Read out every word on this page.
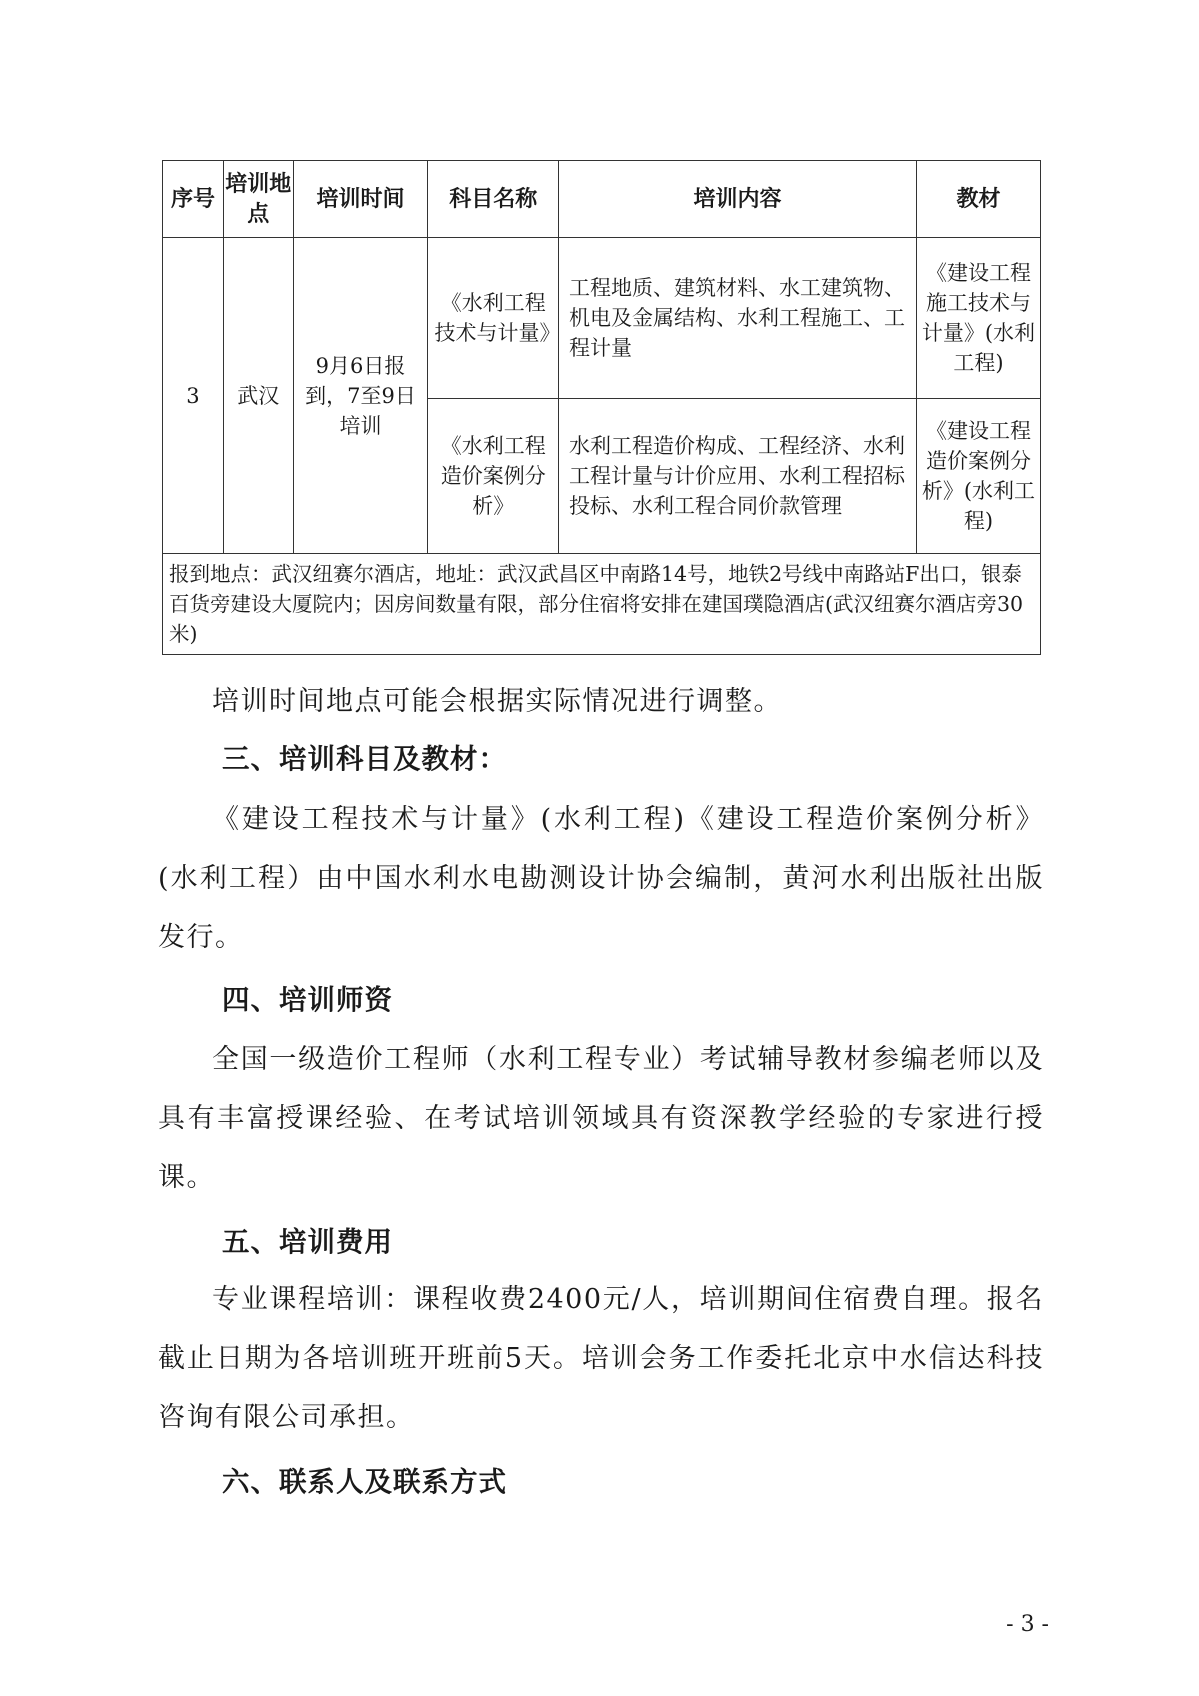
序号	培训地点	培训时间	科目名称	培训内容	教材
3	武汉	9月6日报到，7至9日培训	《水利工程技术与计量》	工程地质、建筑材料、水工建筑物、机电及金属结构、水利工程施工、工程计量	《建设工程施工技术与计量》(水利工程)
			《水利工程造价案例分析》	水利工程造价构成、工程经济、水利工程计量与计价应用、水利工程招标投标、水利工程合同价款管理	《建设工程造价案例分析》(水利工程)
报到地点：武汉纽赛尔酒店，地址：武汉武昌区中南路14号，地铁2号线中南路站F出口，银泰百货旁建设大厦院内；因房间数量有限，部分住宿将安排在建国璞隐酒店(武汉纽赛尔酒店旁30米)					

培训时间地点可能会根据实际情况进行调整。

三、培训科目及教材：

《建设工程技术与计量》(水利工程)《建设工程造价案例分析》(水利工程）由中国水利水电勘测设计协会编制，黄河水利出版社出版发行。

四、培训师资

全国一级造价工程师（水利工程专业）考试辅导教材参编老师以及具有丰富授课经验、在考试培训领域具有资深教学经验的专家进行授课。

五、培训费用

专业课程培训：课程收费2400元/人，培训期间住宿费自理。报名截止日期为各培训班开班前5天。培训会务工作委托北京中水信达科技咨询有限公司承担。

六、联系人及联系方式
- 3 -
